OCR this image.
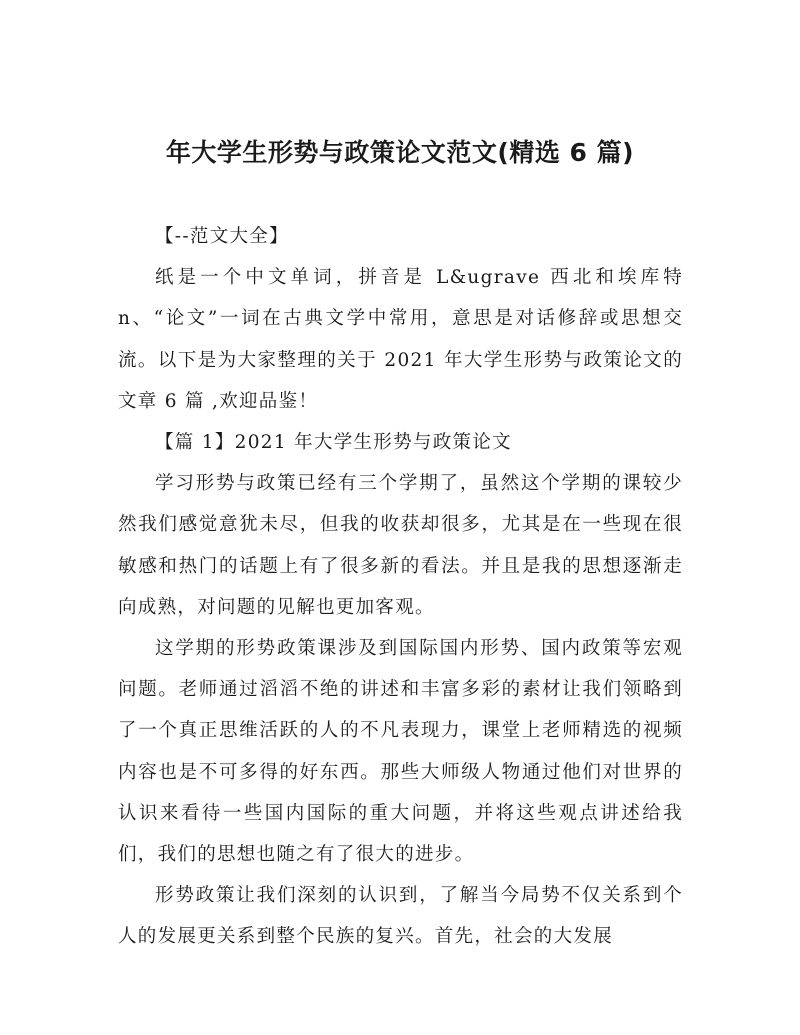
年大学生形势与政策论文范文(精选 6 篇)

【--范文大全】

纸是一个中文单词，拼音是 L&ugrave 西北和埃库特 n、“论文”一词在古典文学中常用，意思是对话修辞或思想交流。以下是为大家整理的关于 2021 年大学生形势与政策论文的文章 6 篇 ,欢迎品鉴！

【篇 1】2021 年大学生形势与政策论文

学习形势与政策已经有三个学期了，虽然这个学期的课较少然我们感觉意犹未尽，但我的收获却很多，尤其是在一些现在很敏感和热门的话题上有了很多新的看法。并且是我的思想逐渐走向成熟，对问题的见解也更加客观。

这学期的形势政策课涉及到国际国内形势、国内政策等宏观问题。老师通过滔滔不绝的讲述和丰富多彩的素材让我们领略到了一个真正思维活跃的人的不凡表现力，课堂上老师精选的视频内容也是不可多得的好东西。那些大师级人物通过他们对世界的认识来看待一些国内国际的重大问题，并将这些观点讲述给我们，我们的思想也随之有了很大的进步。

形势政策让我们深刻的认识到，了解当今局势不仅关系到个人的发展更关系到整个民族的复兴。首先，社会的大发展
